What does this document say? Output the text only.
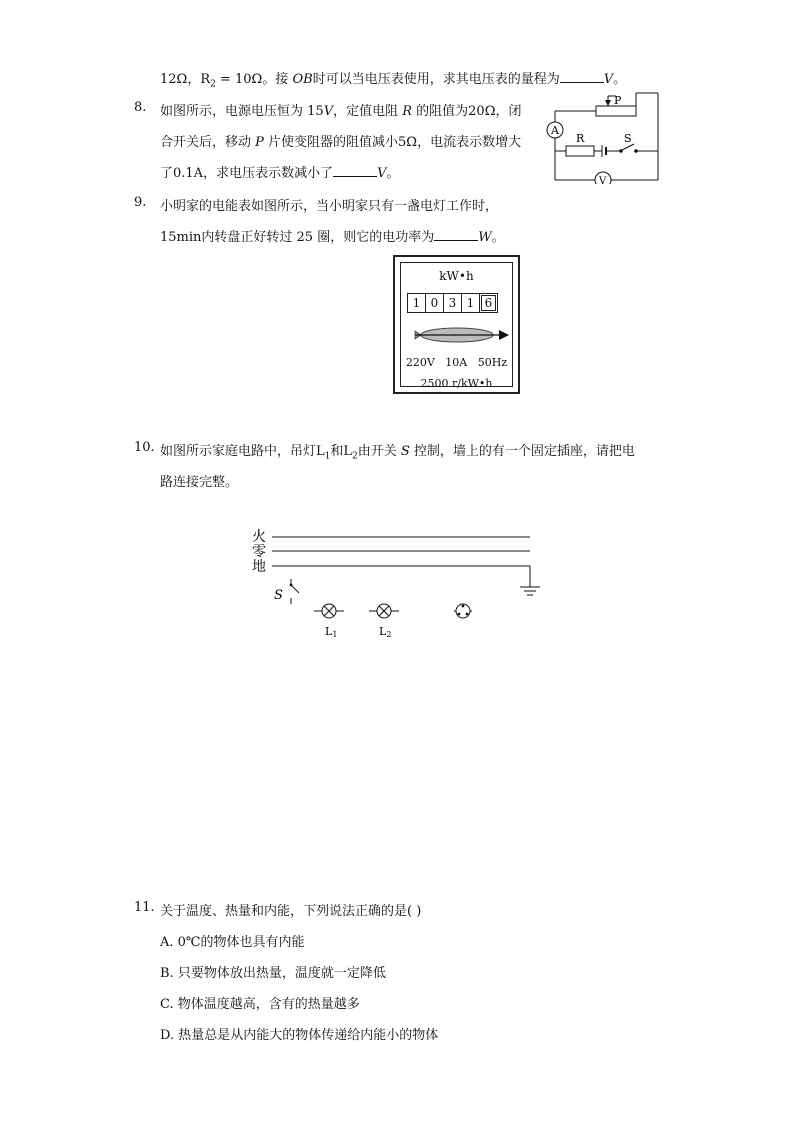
12Ω，$R_2 = 10\Omega$。接 OB时可以当电压表使用，求其电压表的量程为	V。
8. 如图所示，电源电压恒为 15V，定值电阻 R 的阻值为20Ω，闭
合开关后，移动 P 片使变阻器的阻值减小5Ω，电流表示数增大
了0.1A，求电压表示数减小了	V。
P
A
R	S
V
9. 小明家的电能表如图所示，当小明家只有一盏电灯工作时，
15min内转盘正好转过 25 圈，则它的电功率为	W。
kW•h
1 0 3 1 6
220V   10A   50Hz
2500 r/kW•h
10. 如图所示家庭电路中，吊灯$L_1$和$L_2$由开关 S 控制，墙上的有一个固定插座，请把电
路连接完整。
火
零
地
S
L1	L2
11. 关于温度、热量和内能，下列说法正确的是( )
A. 0℃的物体也具有内能
B. 只要物体放出热量，温度就一定降低
C. 物体温度越高，含有的热量越多
D. 热量总是从内能大的物体传递给内能小的物体
